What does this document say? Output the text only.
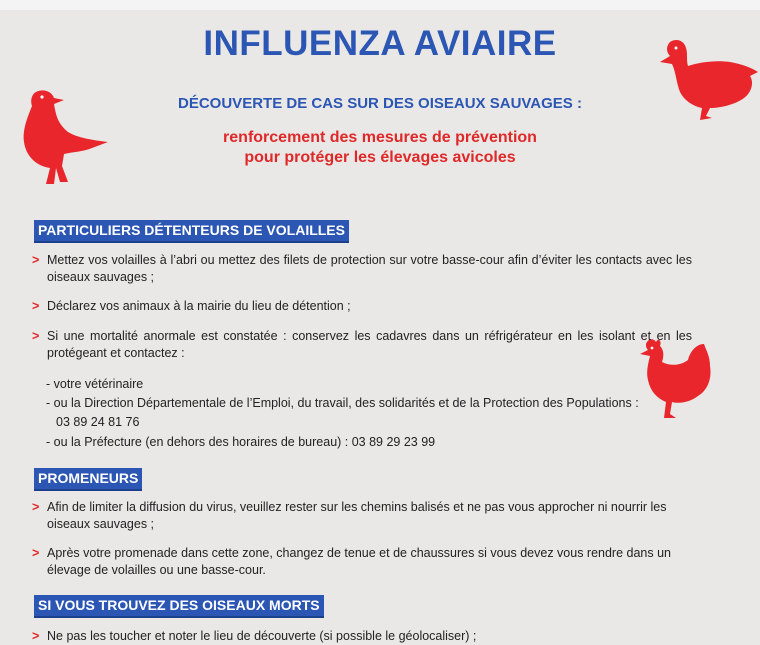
INFLUENZA AVIAIRE
DÉCOUVERTE DE CAS SUR DES OISEAUX SAUVAGES :
renforcement des mesures de prévention
pour protéger les élevages avicoles
PARTICULIERS DÉTENTEURS DE VOLAILLES
> Mettez vos volailles à l’abri ou mettez des filets de protection sur votre basse-cour afin d’éviter les contacts avec les oiseaux sauvages ;
> Déclarez vos animaux à la mairie du lieu de détention ;
> Si une mortalité anormale est constatée : conservez les cadavres dans un réfrigérateur en les isolant et en les protégeant et contactez :
- votre vétérinaire
- ou la Direction Départementale de l’Emploi, du travail, des solidarités et de la Protection des Populations :
03 89 24 81 76
- ou la Préfecture (en dehors des horaires de bureau) : 03 89 29 23 99
PROMENEURS
> Afin de limiter la diffusion du virus, veuillez rester sur les chemins balisés et ne pas vous approcher ni nourrir les oiseaux sauvages ;
> Après votre promenade dans cette zone, changez de tenue et de chaussures si vous devez vous rendre dans un élevage de volailles ou une basse-cour.
SI VOUS TROUVEZ DES OISEAUX MORTS
> Ne pas les toucher et noter le lieu de découverte (si possible le géolocaliser) ;
